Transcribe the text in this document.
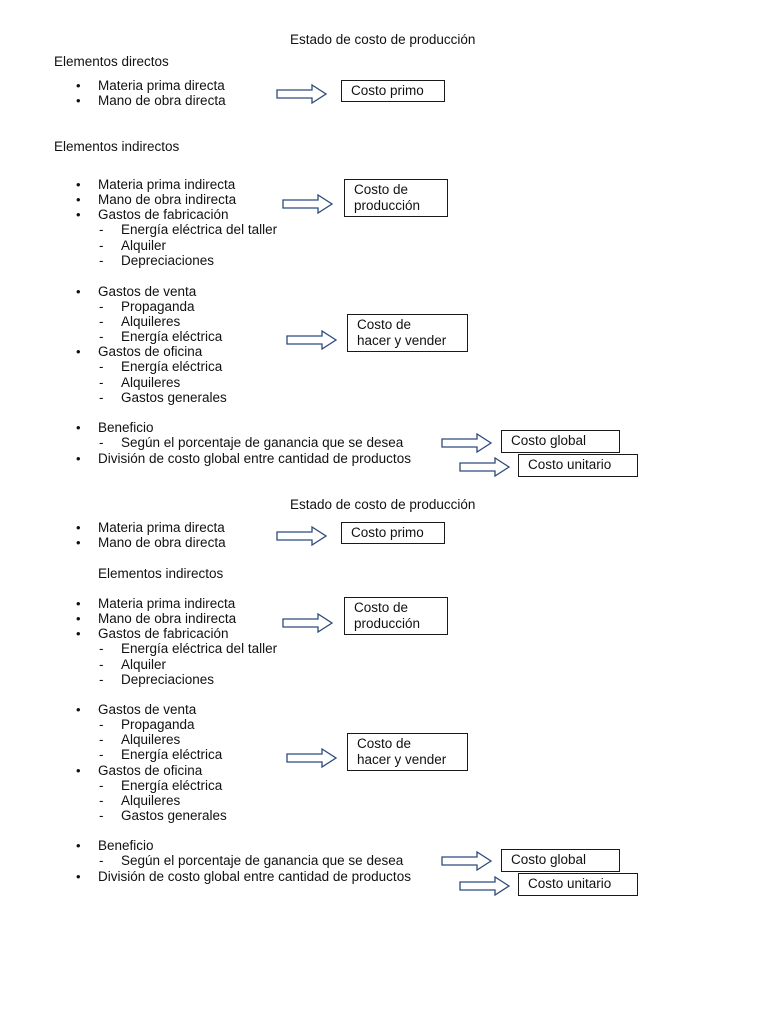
Estado de costo de producción
Elementos directos
• Materia prima directa
• Mano de obra directa
Costo primo
Elementos indirectos
• Materia prima indirecta
• Mano de obra indirecta
• Gastos de fabricación
- Energía eléctrica del taller
- Alquiler
- Depreciaciones
Costo de
producción
• Gastos de venta
- Propaganda
- Alquileres
- Energía eléctrica
• Gastos de oficina
- Energía eléctrica
- Alquileres
- Gastos generales
Costo de
hacer y vender
• Beneficio
- Según el porcentaje de ganancia que se desea
• División de costo global entre cantidad de productos
Costo global
Costo unitario
Estado de costo de producción
• Materia prima directa
• Mano de obra directa
Costo primo
Elementos indirectos
• Materia prima indirecta
• Mano de obra indirecta
• Gastos de fabricación
- Energía eléctrica del taller
- Alquiler
- Depreciaciones
Costo de
producción
• Gastos de venta
- Propaganda
- Alquileres
- Energía eléctrica
• Gastos de oficina
- Energía eléctrica
- Alquileres
- Gastos generales
Costo de
hacer y vender
• Beneficio
- Según el porcentaje de ganancia que se desea
• División de costo global entre cantidad de productos
Costo global
Costo unitario
